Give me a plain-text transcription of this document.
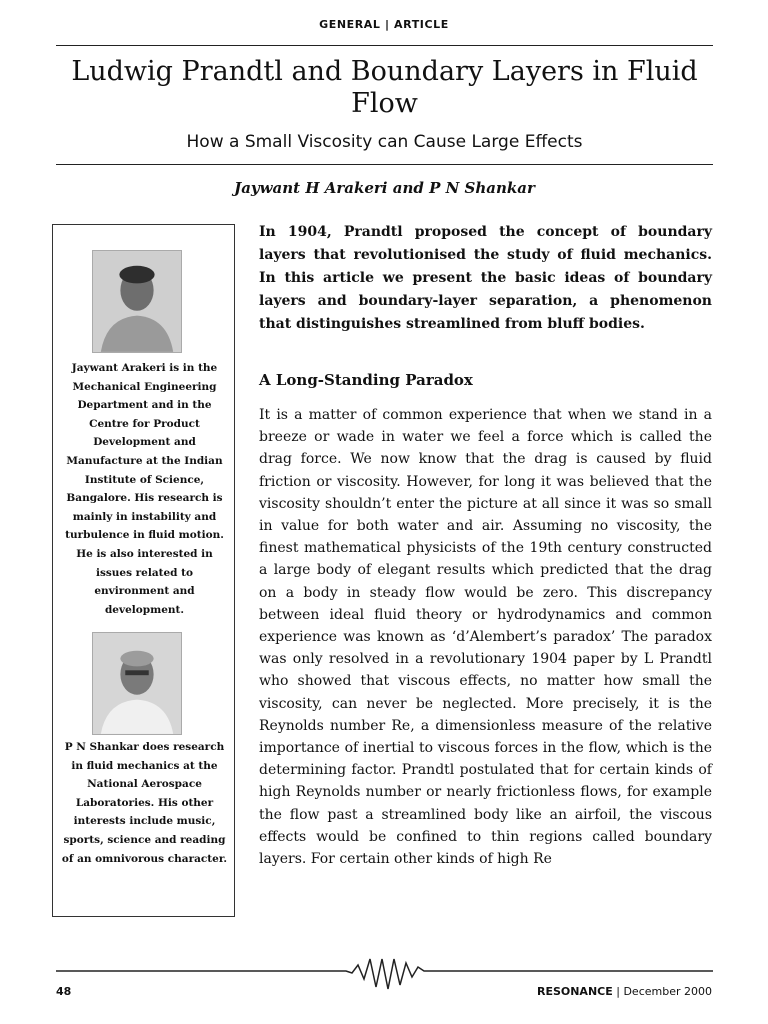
GENERAL | ARTICLE
Ludwig Prandtl and Boundary Layers in Fluid Flow
How a Small Viscosity can Cause Large Effects
Jaywant H Arakeri and P N Shankar
Jaywant Arakeri is in the Mechanical Engineering Department and in the Centre for Product Development and Manufacture at the Indian Institute of Science, Bangalore. His research is mainly in instability and turbulence in fluid motion. He is also interested in issues related to environment and development.
P N Shankar does research in fluid mechanics at the National Aerospace Laboratories. His other interests include music, sports, science and reading of an omnivorous character.

In 1904, Prandtl proposed the concept of boundary layers that revolutionised the study of fluid mechanics. In this article we present the basic ideas of boundary layers and boundary-layer separation, a phenomenon that distinguishes streamlined from bluff bodies.

A Long-Standing Paradox

It is a matter of common experience that when we stand in a breeze or wade in water we feel a force which is called the drag force. We now know that the drag is caused by fluid friction or viscosity. However, for long it was believed that the viscosity shouldn’t enter the picture at all since it was so small in value for both water and air. Assuming no viscosity, the finest mathematical physicists of the 19th century constructed a large body of elegant results which predicted that the drag on a body in steady flow would be zero. This discrepancy between ideal fluid theory or hydrodynamics and common experience was known as ‘d’Alembert’s paradox’ The paradox was only resolved in a revolutionary 1904 paper by L Prandtl who showed that viscous effects, no matter how small the viscosity, can never be neglected. More precisely, it is the Reynolds number Re, a dimensionless measure of the relative importance of inertial to viscous forces in the flow, which is the determining factor. Prandtl postulated that for certain kinds of high Reynolds number or nearly frictionless flows, for example the flow past a streamlined body like an airfoil, the viscous effects would be confined to thin regions called boundary layers. For certain other kinds of high Re

48	RESONANCE | December 2000
